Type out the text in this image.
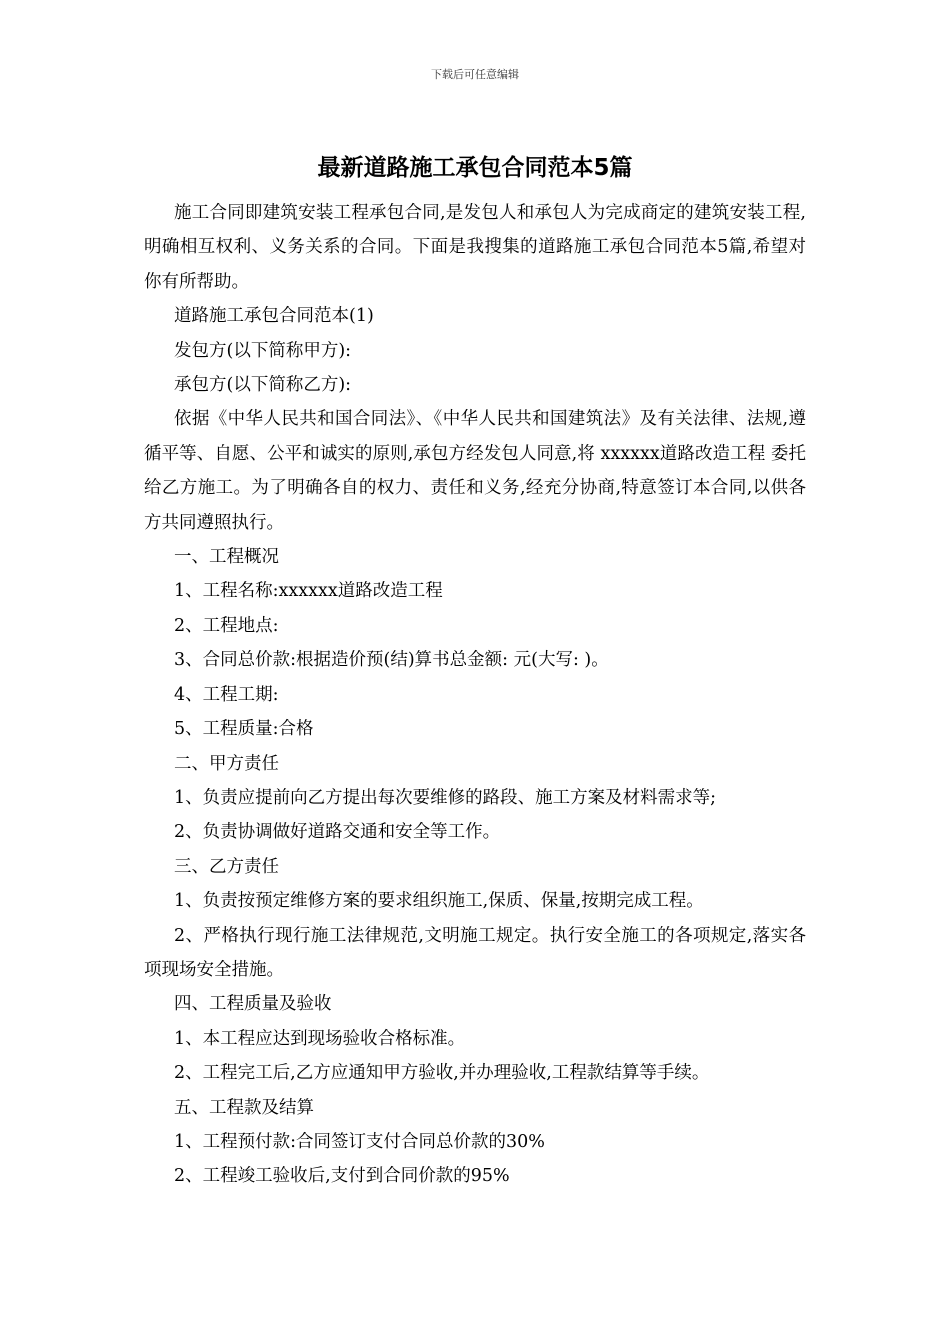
下载后可任意编辑
最新道路施工承包合同范本5篇

施工合同即建筑安装工程承包合同,是发包人和承包人为完成商定的建筑安装工程,明确相互权利、义务关系的合同。下面是我搜集的道路施工承包合同范本5篇,希望对你有所帮助。

道路施工承包合同范本(1)

发包方(以下简称甲方):

承包方(以下简称乙方):

依据《中华人民共和国合同法》、《中华人民共和国建筑法》及有关法律、法规,遵循平等、自愿、公平和诚实的原则,承包方经发包人同意,将 xxxxxx道路改造工程 委托给乙方施工。为了明确各自的权力、责任和义务,经充分协商,特意签订本合同,以供各方共同遵照执行。

一、工程概况

1、工程名称:xxxxxx道路改造工程

2、工程地点:

3、合同总价款:根据造价预(结)算书总金额: 元(大写: )。

4、工程工期:

5、工程质量:合格

二、甲方责任

1、负责应提前向乙方提出每次要维修的路段、施工方案及材料需求等;

2、负责协调做好道路交通和安全等工作。

三、乙方责任

1、负责按预定维修方案的要求组织施工,保质、保量,按期完成工程。

2、严格执行现行施工法律规范,文明施工规定。执行安全施工的各项规定,落实各项现场安全措施。

四、工程质量及验收

1、本工程应达到现场验收合格标准。

2、工程完工后,乙方应通知甲方验收,并办理验收,工程款结算等手续。

五、工程款及结算

1、工程预付款:合同签订支付合同总价款的30%

2、工程竣工验收后,支付到合同价款的95%
